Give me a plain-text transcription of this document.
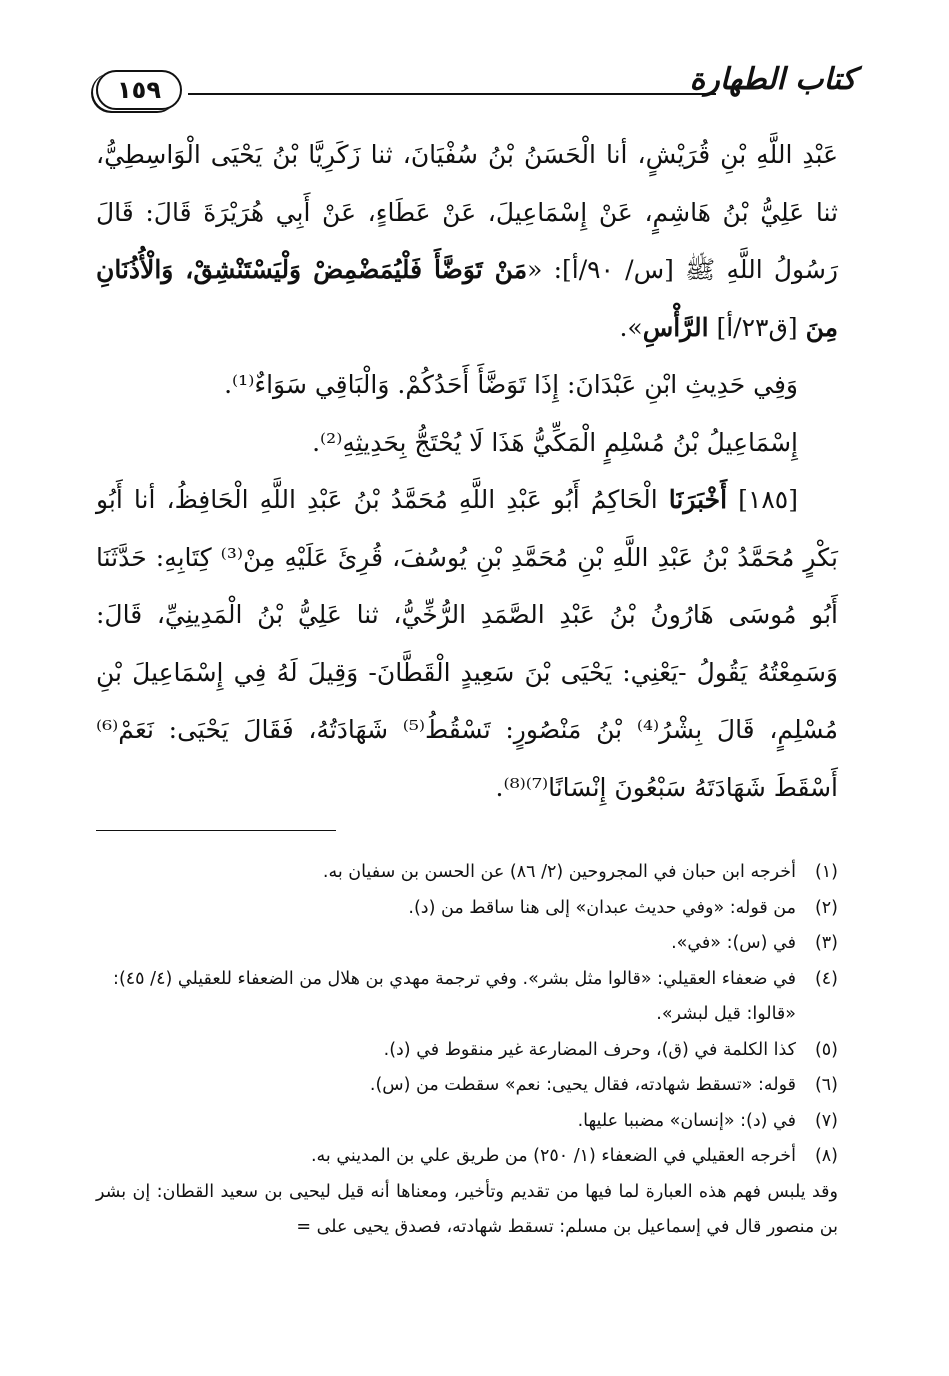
كتاب الطهارة
١٥٩

عَبْدِ اللَّهِ بْنِ قُرَيْشٍ، أنا الْحَسَنُ بْنُ سُفْيَانَ، ثنا زَكَرِيَّا بْنُ يَحْيَى الْوَاسِطِيُّ، ثنا عَلِيُّ بْنُ هَاشِمٍ، عَنْ إِسْمَاعِيلَ، عَنْ عَطَاءٍ، عَنْ أَبِي هُرَيْرَةَ قَالَ: قَالَ رَسُولُ اللَّهِ ﷺ [س/ ٩٠/أ]: «مَنْ تَوَضَّأَ فَلْيُمَضْمِضْ وَلْيَسْتَنْشِقْ، وَالْأُذُنَانِ مِنَ [ق٢٣/أ] الرَّأْسِ».

وَفِي حَدِيثِ ابْنِ عَبْدَانَ: إِذَا تَوَضَّأَ أَحَدُكُمْ. وَالْبَاقِي سَوَاءٌ⁽¹⁾.

إِسْمَاعِيلُ بْنُ مُسْلِمٍ الْمَكِّيُّ هَذَا لَا يُحْتَجُّ بِحَدِيثِهِ⁽²⁾.

[١٨٥] أَخْبَرَنَا الْحَاكِمُ أَبُو عَبْدِ اللَّهِ مُحَمَّدُ بْنُ عَبْدِ اللَّهِ الْحَافِظُ، أنا أَبُو بَكْرٍ مُحَمَّدُ بْنُ عَبْدِ اللَّهِ بْنِ مُحَمَّدِ بْنِ يُوسُفَ، قُرِئَ عَلَيْهِ مِنْ⁽³⁾ كِتَابِهِ: حَدَّثَنَا أَبُو مُوسَى هَارُونُ بْنُ عَبْدِ الصَّمَدِ الرُّخِّيُّ، ثنا عَلِيُّ بْنُ الْمَدِينِيِّ، قَالَ: وَسَمِعْتُهُ يَقُولُ -يَعْنِي: يَحْيَى بْنَ سَعِيدٍ الْقَطَّانَ- وَقِيلَ لَهُ فِي إِسْمَاعِيلَ بْنِ مُسْلِمٍ، قَالَ بِشْرُ⁽⁴⁾ بْنُ مَنْصُورٍ: تَسْقُطُ⁽⁵⁾ شَهَادَتُهُ، فَقَالَ يَحْيَى: نَعَمْ⁽⁶⁾ أَسْقَطَ شَهَادَتَهُ سَبْعُونَ إِنْسَانًا⁽⁷⁾⁽⁸⁾.

(١)
أخرجه ابن حبان في المجروحين (٢/ ٨٦) عن الحسن بن سفيان به.
(٢)
من قوله: «وفي حديث عبدان» إلى هنا ساقط من (د).
(٣)
في (س): «في».
(٤)
في ضعفاء العقيلي: «قالوا مثل بشر». وفي ترجمة مهدي بن هلال من الضعفاء للعقيلي (٤/ ٤٥): «قالوا: قيل لبشر».
(٥)
كذا الكلمة في (ق)، وحرف المضارعة غير منقوط في (د).
(٦)
قوله: «تسقط شهادته، فقال يحيى: نعم» سقطت من (س).
(٧)
في (د): «إنسان» مضببا عليها.
(٨)
أخرجه العقيلي في الضعفاء (١/ ٢٥٠) من طريق علي بن المديني به.

وقد يلبس فهم هذه العبارة لما فيها من تقديم وتأخير، ومعناها أنه قيل ليحيى بن سعيد القطان: إن بشر بن منصور قال في إسماعيل بن مسلم: تسقط شهادته، فصدق يحيى على =
